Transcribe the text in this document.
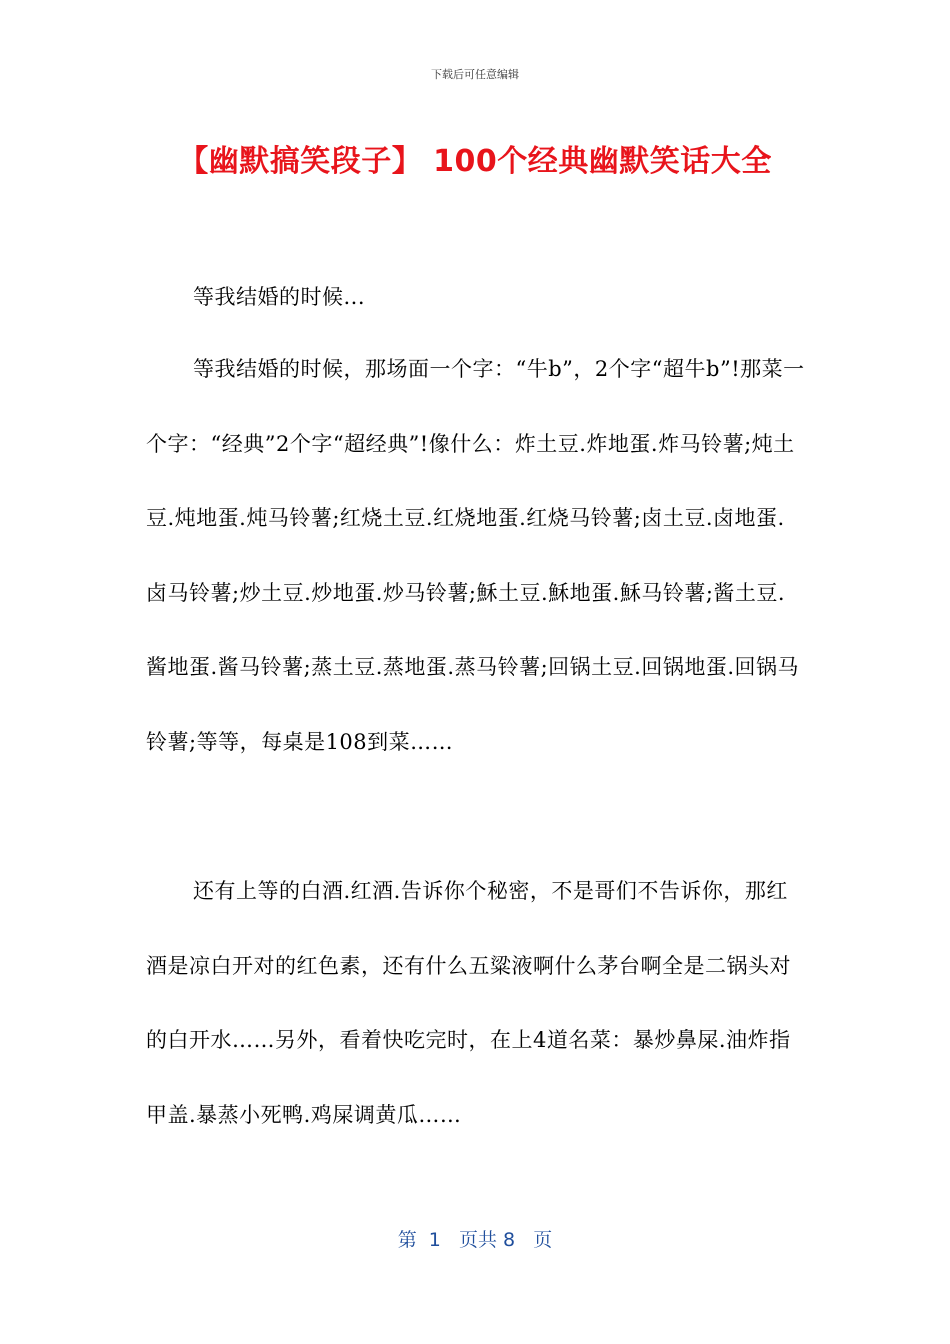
下载后可任意编辑
【幽默搞笑段子】 100个经典幽默笑话大全

等我结婚的时候...

等我结婚的时候，那场面一个字：“牛b”，2个字“超牛b”!那菜一个字：“经典”2个字“超经典”!像什么：炸土豆.炸地蛋.炸马铃薯;炖土豆.炖地蛋.炖马铃薯;红烧土豆.红烧地蛋.红烧马铃薯;卤土豆.卤地蛋.卤马铃薯;炒土豆.炒地蛋.炒马铃薯;穌土豆.穌地蛋.穌马铃薯;酱土豆.酱地蛋.酱马铃薯;蒸土豆.蒸地蛋.蒸马铃薯;回锅土豆.回锅地蛋.回锅马铃薯;等等，每桌是108到菜……

还有上等的白酒.红酒.告诉你个秘密，不是哥们不告诉你，那红酒是凉白开对的红色素，还有什么五粱液啊什么茅台啊全是二锅头对的白开水……另外，看着快吃完时，在上4道名菜：暴炒鼻屎.油炸指甲盖.暴蒸小死鸭.鸡屎调黄瓜……

第  1   页共 8   页
